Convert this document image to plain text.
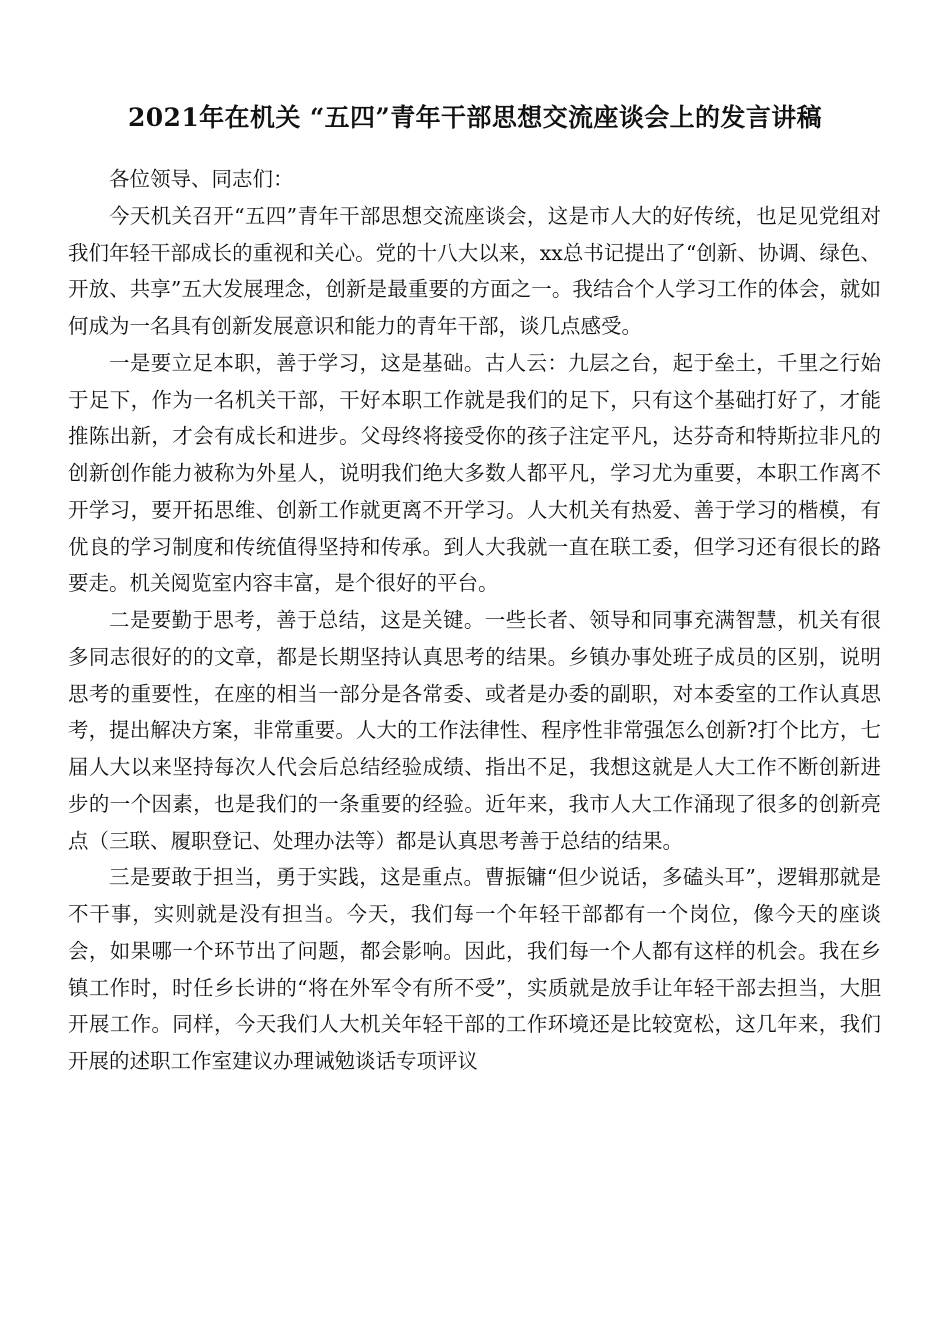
2021年在机关 “五四”青年干部思想交流座谈会上的发言讲稿

各位领导、同志们：

今天机关召开“五四”青年干部思想交流座谈会，这是市人大的好传统，也足见党组对我们年轻干部成长的重视和关心。党的十八大以来，xx总书记提出了“创新、协调、绿色、开放、共享”五大发展理念，创新是最重要的方面之一。我结合个人学习工作的体会，就如何成为一名具有创新发展意识和能力的青年干部，谈几点感受。

一是要立足本职，善于学习，这是基础。古人云：九层之台，起于垒土，千里之行始于足下，作为一名机关干部，干好本职工作就是我们的足下，只有这个基础打好了，才能推陈出新，才会有成长和进步。父母终将接受你的孩子注定平凡，达芬奇和特斯拉非凡的创新创作能力被称为外星人，说明我们绝大多数人都平凡，学习尤为重要，本职工作离不开学习，要开拓思维、创新工作就更离不开学习。人大机关有热爱、善于学习的楷模，有优良的学习制度和传统值得坚持和传承。到人大我就一直在联工委，但学习还有很长的路要走。机关阅览室内容丰富，是个很好的平台。

二是要勤于思考，善于总结，这是关键。一些长者、领导和同事充满智慧，机关有很多同志很好的的文章，都是长期坚持认真思考的结果。乡镇办事处班子成员的区别，说明思考的重要性，在座的相当一部分是各常委、或者是办委的副职，对本委室的工作认真思考，提出解决方案，非常重要。人大的工作法律性、程序性非常强怎么创新?打个比方，七届人大以来坚持每次人代会后总结经验成绩、指出不足，我想这就是人大工作不断创新进步的一个因素，也是我们的一条重要的经验。近年来，我市人大工作涌现了很多的创新亮点（三联、履职登记、处理办法等）都是认真思考善于总结的结果。

三是要敢于担当，勇于实践，这是重点。曹振镛“但少说话，多磕头耳”，逻辑那就是不干事，实则就是没有担当。今天，我们每一个年轻干部都有一个岗位，像今天的座谈会，如果哪一个环节出了问题，都会影响。因此，我们每一个人都有这样的机会。我在乡镇工作时，时任乡长讲的“将在外军令有所不受”，实质就是放手让年轻干部去担当，大胆开展工作。同样，今天我们人大机关年轻干部的工作环境还是比较宽松，这几年来，我们开展的述职工作室建议办理诫勉谈话专项评议
